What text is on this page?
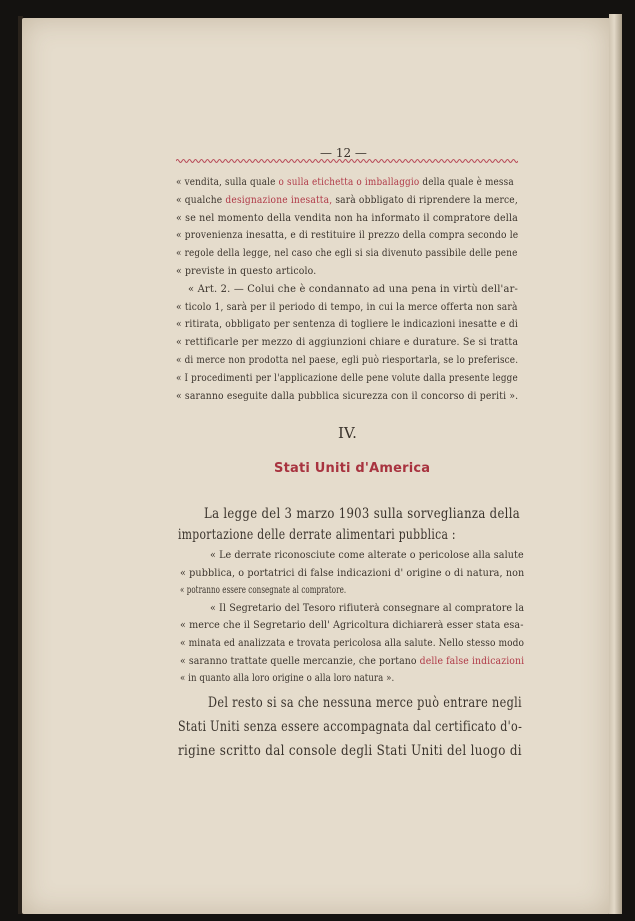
— 12 —
« vendita, sulla quale o sulla etichetta o imballaggio della quale è messa
« qualche designazione inesatta, sarà obbligato di riprendere la merce,
« se nel momento della vendita non ha informato il compratore della
« provenienza inesatta, e di restituire il prezzo della compra secondo le
« regole della legge, nel caso che egli si sia divenuto passibile delle pene
« previste in questo articolo.
« Art. 2. — Colui che è condannato ad una pena in virtù dell'ar-
« ticolo 1, sarà per il periodo di tempo, in cui la merce offerta non sarà
« ritirata, obbligato per sentenza di togliere le indicazioni inesatte e di
« rettificarle per mezzo di aggiunzioni chiare e durature. Se si tratta
« di merce non prodotta nel paese, egli può riesportarla, se lo preferisce.
« I procedimenti per l'applicazione delle pene volute dalla presente legge
« saranno eseguite dalla pubblica sicurezza con il concorso di periti ».
IV.
Stati Uniti d'America
La legge del 3 marzo 1903 sulla sorveglianza della
importazione delle derrate alimentari pubblica :
« Le derrate riconosciute come alterate o pericolose alla salute
« pubblica, o portatrici di false indicazioni d' origine o di natura, non
« potranno essere consegnate al compratore.
« Il Segretario del Tesoro rifiuterà consegnare al compratore la
« merce che il Segretario dell' Agricoltura dichiarerà esser stata esa-
« minata ed analizzata e trovata pericolosa alla salute. Nello stesso modo
« saranno trattate quelle mercanzie, che portano delle false indicazioni
« in quanto alla loro origine o alla loro natura ».
Del resto si sa che nessuna merce può entrare negli
Stati Uniti senza essere accompagnata dal certificato d'o-
rigine scritto dal console degli Stati Uniti del luogo di
